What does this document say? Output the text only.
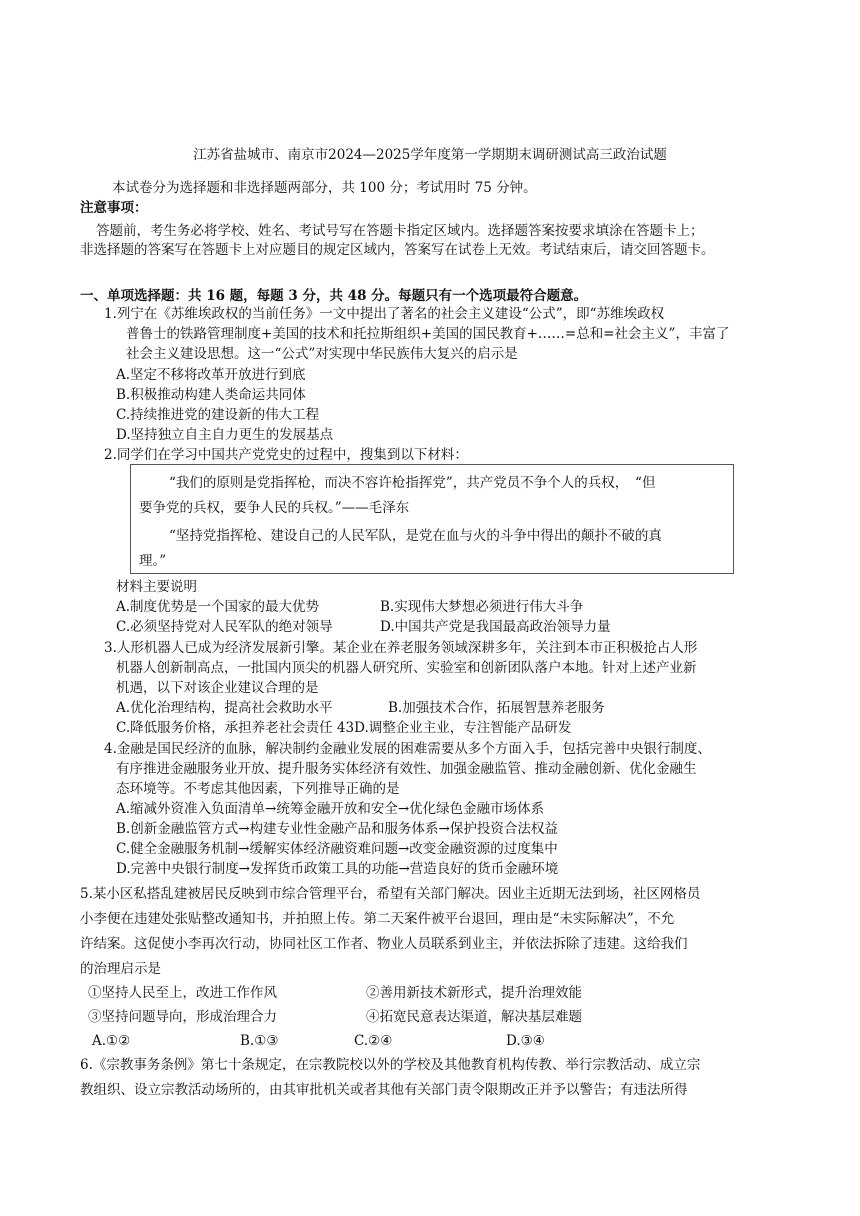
江苏省盐城市、南京市2024—2025学年度第一学期期末调研测试高三政治试题
本试卷分为选择题和非选择题两部分，共 100 分；考试用时 75 分钟。
注意事项：
答题前，考生务必将学校、姓名、考试号写在答题卡指定区域内。选择题答案按要求填涂在答题卡上；
非选择题的答案写在答题卡上对应题目的规定区域内，答案写在试卷上无效。考试结束后，请交回答题卡。
一、单项选择题：共 16 题，每题 3 分，共 48 分。每题只有一个选项最符合题意。
1.列宁在《苏维埃政权的当前任务》一文中提出了著名的社会主义建设“公式”，即“苏维埃政权
普鲁士的铁路管理制度+美国的技术和托拉斯组织+美国的国民教育+……=总和=社会主义”，丰富了
社会主义建设思想。这一“公式”对实现中华民族伟大复兴的启示是
A.坚定不移将改革开放进行到底
B.积极推动构建人类命运共同体
C.持续推进党的建设新的伟大工程
D.坚持独立自主自力更生的发展基点
2.同学们在学习中国共产党党史的过程中，搜集到以下材料：
“我们的原则是党指挥枪，而决不容许枪指挥党”，共产党员不争个人的兵权，　“但
要争党的兵权，要争人民的兵权。”——毛泽东
“坚持党指挥枪、建设自己的人民军队，是党在血与火的斗争中得出的颠扑不破的真
理。”
材料主要说明
A.制度优势是一个国家的最大优势	B.实现伟大梦想必须进行伟大斗争
C.必须坚持党对人民军队的绝对领导	D.中国共产党是我国最高政治领导力量
3.人形机器人已成为经济发展新引擎。某企业在养老服务领域深耕多年，关注到本市正积极抢占人形
机器人创新制高点，一批国内顶尖的机器人研究所、实验室和创新团队落户本地。针对上述产业新
机遇，以下对该企业建议合理的是
A.优化治理结构，提高社会救助水平	B.加强技术合作，拓展智慧养老服务
C.降低服务价格，承担养老社会责任 43D.调整企业主业，专注智能产品研发
4.金融是国民经济的血脉，解决制约金融业发展的困难需要从多个方面入手，包括完善中央银行制度、
有序推进金融服务业开放、提升服务实体经济有效性、加强金融监管、推动金融创新、优化金融生
态环境等。不考虑其他因素，下列推导正确的是
A.缩减外资准入负面清单→统筹金融开放和安全→优化绿色金融市场体系
B.创新金融监管方式→构建专业性金融产品和服务体系→保护投资合法权益
C.健全金融服务机制→缓解实体经济融资难问题→改变金融资源的过度集中
D.完善中央银行制度→发挥货币政策工具的功能→营造良好的货币金融环境
5.某小区私搭乱建被居民反映到市综合管理平台，希望有关部门解决。因业主近期无法到场，社区网格员
小李便在违建处张贴整改通知书，并拍照上传。第二天案件被平台退回，理由是“未实际解决”，不允
许结案。这促使小李再次行动，协同社区工作者、物业人员联系到业主，并依法拆除了违建。这给我们
的治理启示是
①坚持人民至上，改进工作作风	②善用新技术新形式，提升治理效能
③坚持问题导向，形成治理合力	④拓宽民意表达渠道，解决基层难题
A.①②	B.①③	C.②④	D.③④
6.《宗教事务条例》第七十条规定，在宗教院校以外的学校及其他教育机构传教、举行宗教活动、成立宗
教组织、设立宗教活动场所的，由其审批机关或者其他有关部门责令限期改正并予以警告；有违法所得
